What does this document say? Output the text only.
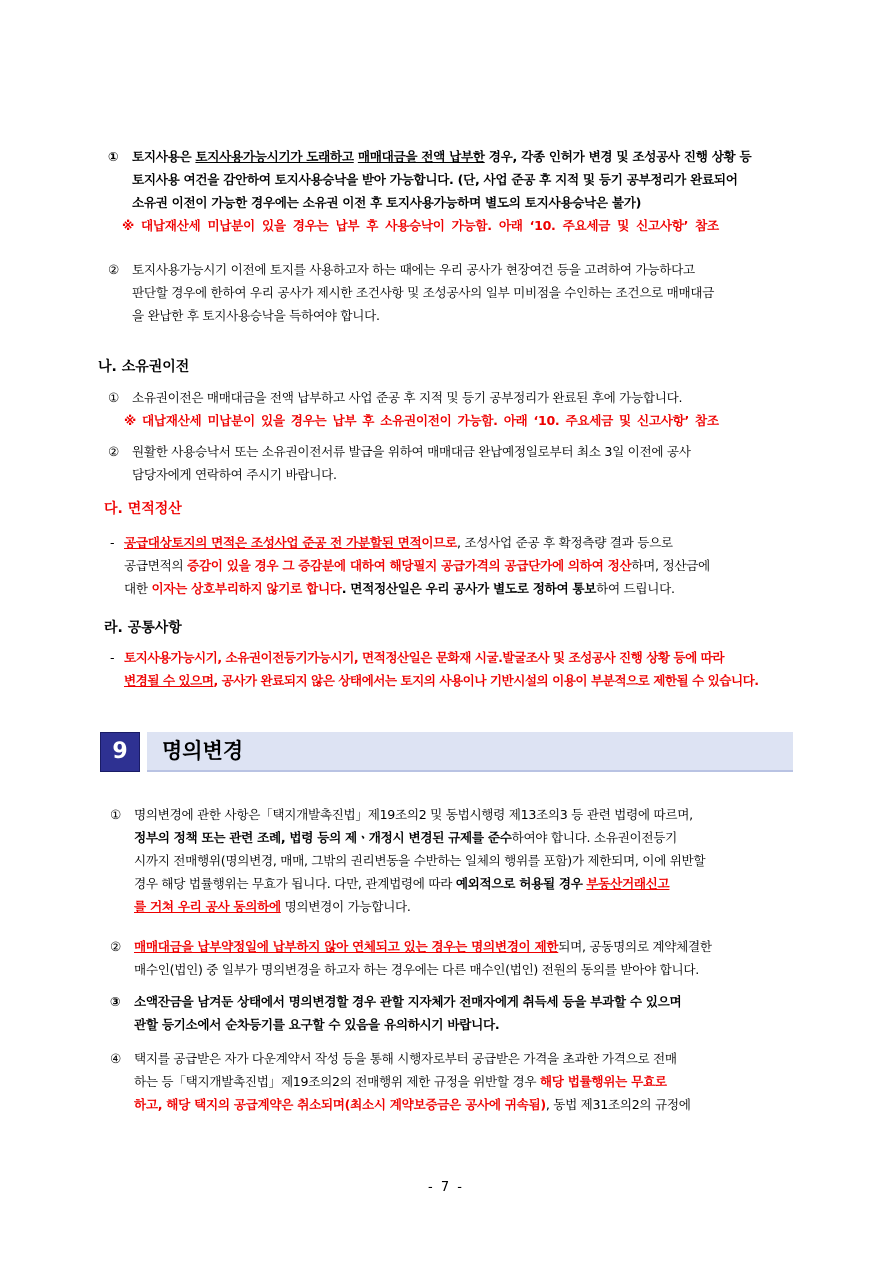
① 토지사용은 토지사용가능시기가 도래하고 매매대금을 전액 납부한 경우, 각종 인허가 변경 및 조성공사 진행 상황 등
토지사용 여건을 감안하여 토지사용승낙을 받아 가능합니다. (단, 사업 준공 후 지적 및 등기 공부정리가 완료되어
소유권 이전이 가능한 경우에는 소유권 이전 후 토지사용가능하며 별도의 토지사용승낙은 불가)
※ 대납재산세 미납분이 있을 경우는 납부 후 사용승낙이 가능함. 아래 ‘10. 주요세금 및 신고사항’ 참조
② 토지사용가능시기 이전에 토지를 사용하고자 하는 때에는 우리 공사가 현장여건 등을 고려하여 가능하다고
판단할 경우에 한하여 우리 공사가 제시한 조건사항 및 조성공사의 일부 미비점을 수인하는 조건으로 매매대금
을 완납한 후 토지사용승낙을 득하여야 합니다.
나. 소유권이전
① 소유권이전은 매매대금을 전액 납부하고 사업 준공 후 지적 및 등기 공부정리가 완료된 후에 가능합니다.
※ 대납재산세 미납분이 있을 경우는 납부 후 소유권이전이 가능함. 아래 ‘10. 주요세금 및 신고사항’ 참조
② 원활한 사용승낙서 또는 소유권이전서류 발급을 위하여 매매대금 완납예정일로부터 최소 3일 이전에 공사
담당자에게 연락하여 주시기 바랍니다.
다. 면적정산
- 공급대상토지의 면적은 조성사업 준공 전 가분할된 면적이므로, 조성사업 준공 후 확정측량 결과 등으로
공급면적의 증감이 있을 경우 그 증감분에 대하여 해당필지 공급가격의 공급단가에 의하여 정산하며, 정산금에
대한 이자는 상호부리하지 않기로 합니다. 면적정산일은 우리 공사가 별도로 정하여 통보하여 드립니다.
라. 공통사항
- 토지사용가능시기, 소유권이전등기가능시기, 면적정산일은 문화재 시굴.발굴조사 및 조성공사 진행 상황 등에 따라
변경될 수 있으며, 공사가 완료되지 않은 상태에서는 토지의 사용이나 기반시설의 이용이 부분적으로 제한될 수 있습니다.
9	명의변경
① 명의변경에 관한 사항은「택지개발촉진법」제19조의2 및 동법시행령 제13조의3 등 관련 법령에 따르며,
정부의 정책 또는 관련 조례, 법령 등의 제ㆍ개정시 변경된 규제를 준수하여야 합니다. 소유권이전등기
시까지 전매행위(명의변경, 매매, 그밖의 권리변동을 수반하는 일체의 행위를 포함)가 제한되며, 이에 위반할
경우 해당 법률행위는 무효가 됩니다. 다만, 관계법령에 따라 예외적으로 허용될 경우 부동산거래신고
를 거쳐 우리 공사 동의하에 명의변경이 가능합니다.
② 매매대금을 납부약정일에 납부하지 않아 연체되고 있는 경우는 명의변경이 제한되며, 공동명의로 계약체결한
매수인(법인) 중 일부가 명의변경을 하고자 하는 경우에는 다른 매수인(법인) 전원의 동의를 받아야 합니다.
③ 소액잔금을 남겨둔 상태에서 명의변경할 경우 관할 지자체가 전매자에게 취득세 등을 부과할 수 있으며
관할 등기소에서 순차등기를 요구할 수 있음을 유의하시기 바랍니다.
④ 택지를 공급받은 자가 다운계약서 작성 등을 통해 시행자로부터 공급받은 가격을 초과한 가격으로 전매
하는 등「택지개발촉진법」제19조의2의 전매행위 제한 규정을 위반할 경우 해당 법률행위는 무효로
하고, 해당 택지의 공급계약은 취소되며(최소시 계약보증금은 공사에 귀속됨), 동법 제31조의2의 규정에
- 7 -
